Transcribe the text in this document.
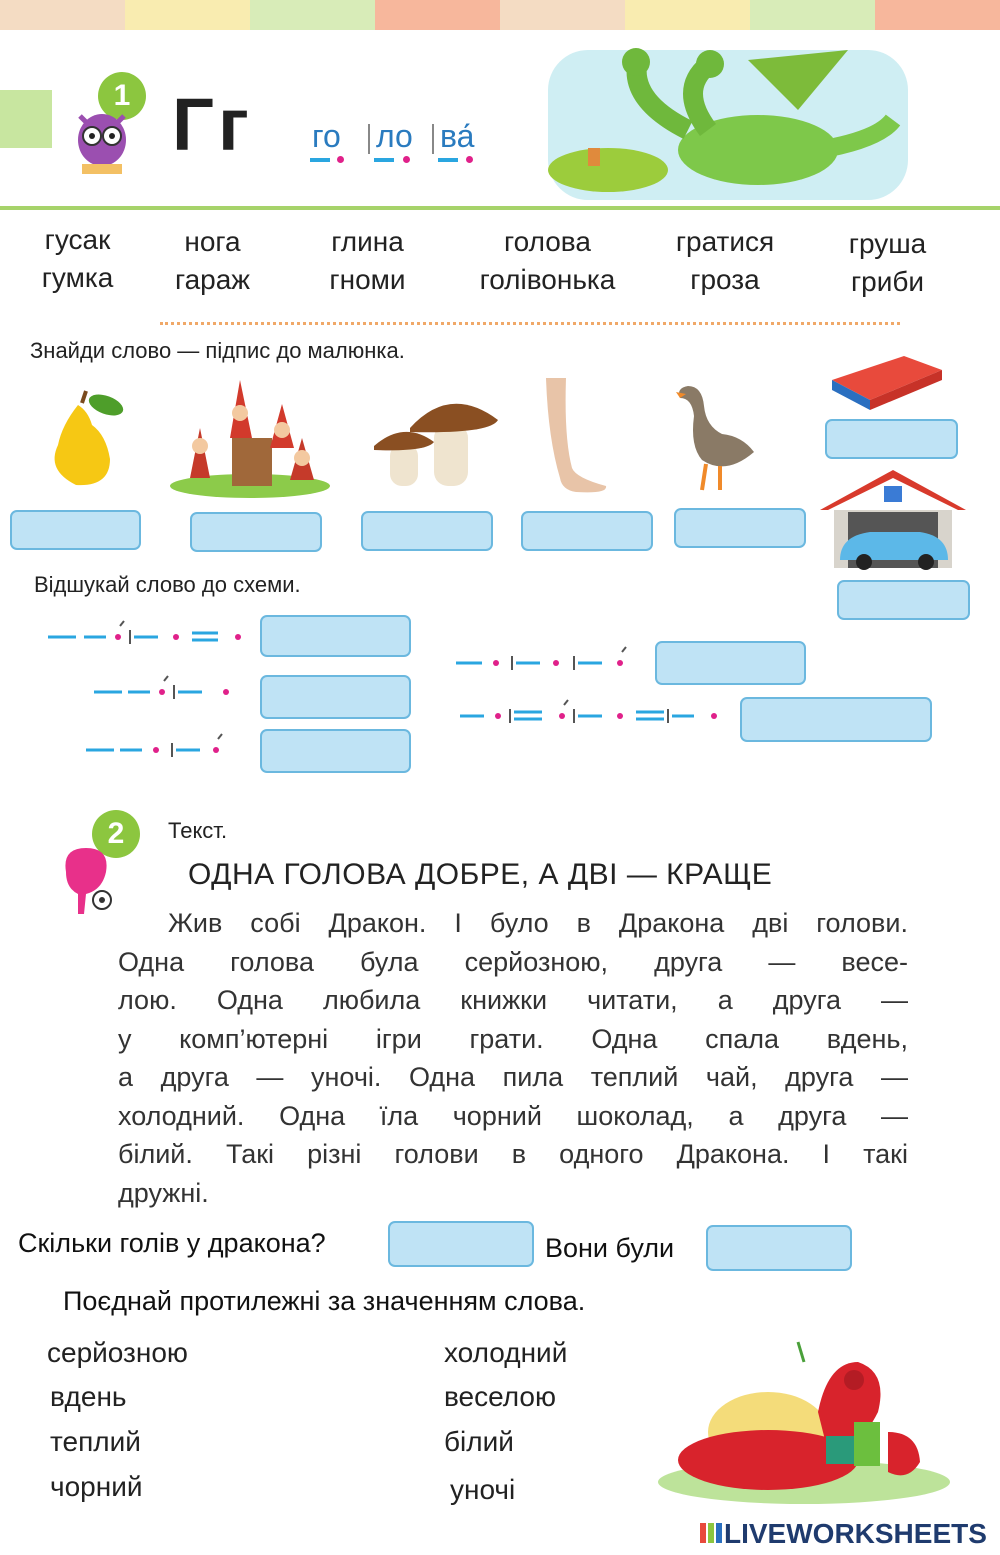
1 Гг го ло ва́
гусак
гумка
нога
гараж
глина
гноми
голова
голівонька
гратися
гроза
груша
гриби
Знайди слово — підпис до малюнка.
Відшукай слово до схеми.
2	Текст.
ОДНА ГОЛОВА ДОБРЕ, А ДВІ — КРАЩЕ
Жив собі Дракон. І було в Дракона дві голови.
Одна голова була серйозною, друга — весе-
лою. Одна любила книжки читати, а друга —
у комп’ютерні ігри грати. Одна спала вдень,
а друга — уночі. Одна пила теплий чай, друга —
холодний. Одна їла чорний шоколад, а друга —
білий. Такі різні голови в одного Дракона. І такі
дружні.
Скільки голів у дракона?	Вони були
Поєднай протилежні за значенням слова.
серйозною
вдень
теплий
чорний
холодний
веселою
білий
уночі
LIVEWORKSHEETS
